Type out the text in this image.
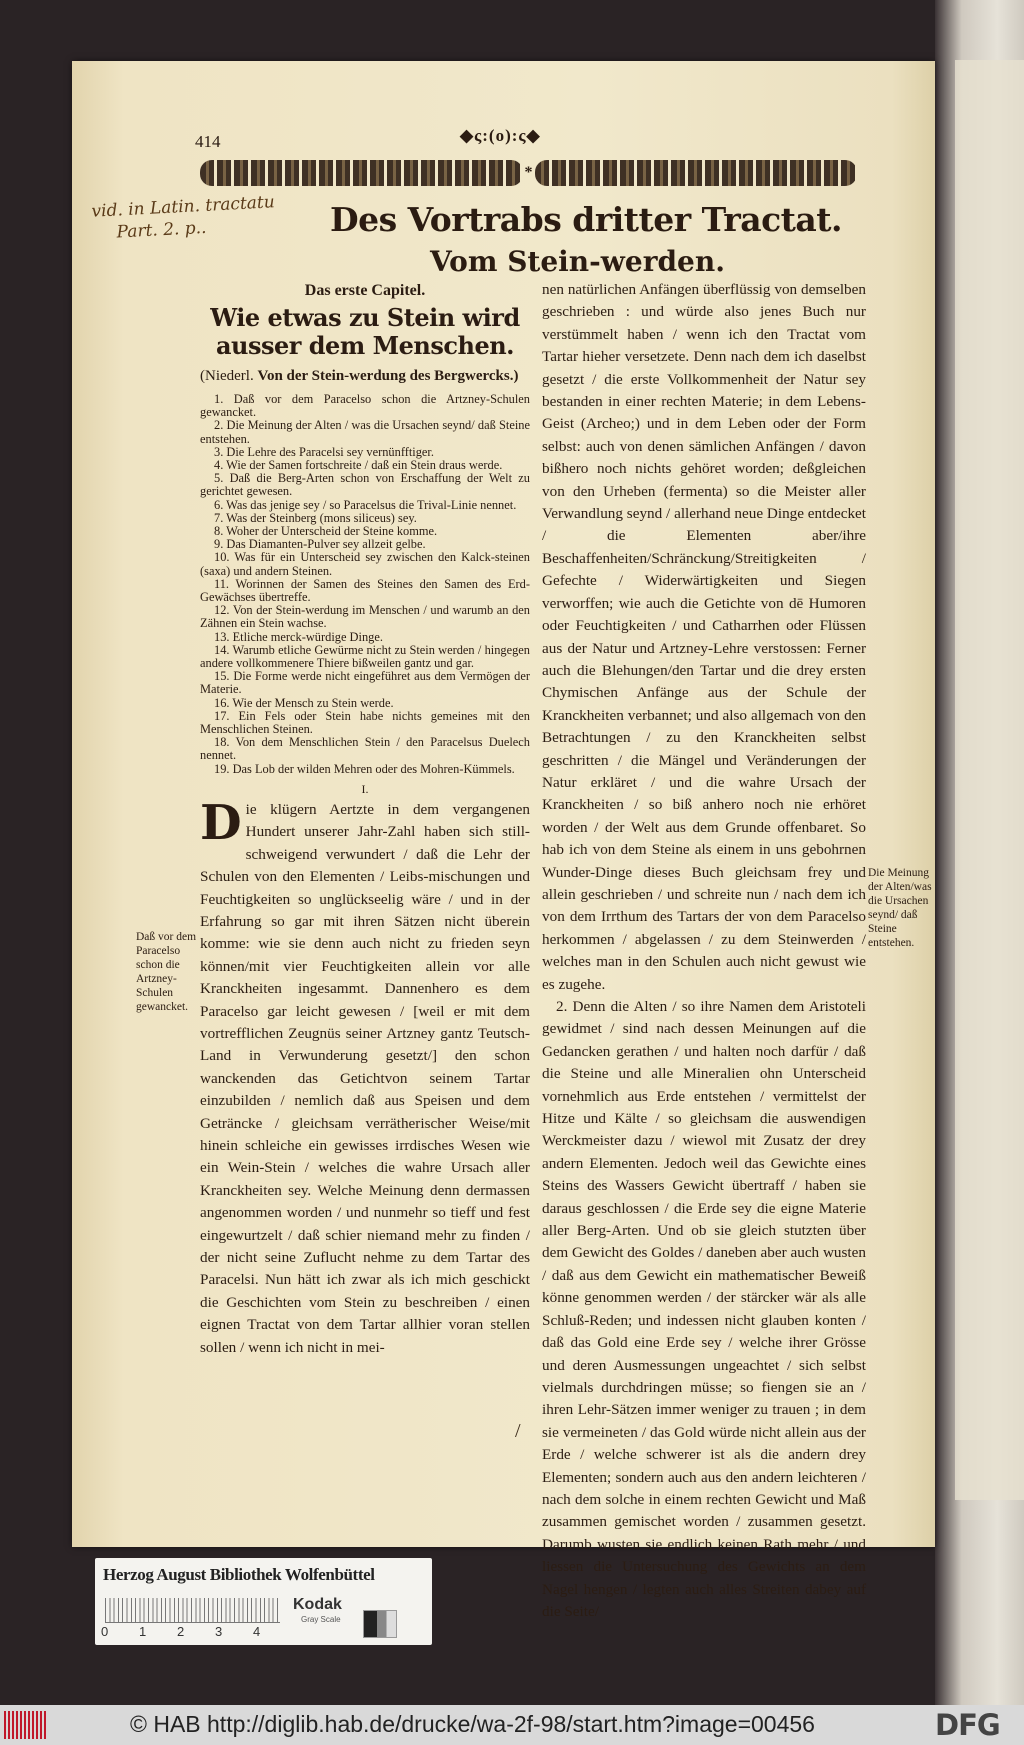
414	◆ς:(o):ς◆
*
vid. in Latin. tractatu
Part. 2. p..	Des Vortrabs dritter Tractat.
Vom Stein-werden.
Das erste Capitel.
Wie etwas zu Stein wird ausser dem Menschen.
(Niederl. Von der Stein-werdung des Bergwercks.)
1. Daß vor dem Paracelso schon die Artzney-Schulen gewancket.
2. Die Meinung der Alten / was die Ursachen seynd/ daß Steine entstehen.
3. Die Lehre des Paracelsi sey vernünfftiger.
4. Wie der Samen fortschreite / daß ein Stein draus werde.
5. Daß die Berg-Arten schon von Erschaffung der Welt zu gerichtet gewesen.
6. Was das jenige sey / so Paracelsus die Trival-Linie nennet.
7. Was der Steinberg (mons siliceus) sey.
8. Woher der Unterscheid der Steine komme.
9. Das Diamanten-Pulver sey allzeit gelbe.
10. Was für ein Unterscheid sey zwischen den Kalck-steinen (saxa) und andern Steinen.
11. Worinnen der Samen des Steines den Samen des Erd-Gewächses übertreffe.
12. Von der Stein-werdung im Menschen / und warumb an den Zähnen ein Stein wachse.
13. Etliche merck-würdige Dinge.
14. Warumb etliche Gewürme nicht zu Stein werden / hingegen andere vollkommenere Thiere bißweilen gantz und gar.
15. Die Forme werde nicht eingeführet aus dem Vermögen der Materie.
16. Wie der Mensch zu Stein werde.
17. Ein Fels oder Stein habe nichts gemeines mit den Menschlichen Steinen.
18. Von dem Menschlichen Stein / den Paracelsus Duelech nennet.
19. Das Lob der wilden Mehren oder des Mohren-Kümmels.
I.
Die klügern Aertzte in dem vergangenen Hundert unserer Jahr-Zahl haben sich still-schweigend verwundert / daß die Lehr der Schulen von den Elementen / Leibs-mischungen und Feuchtigkeiten so unglückseelig wäre / und in der Erfahrung so gar mit ihren Sätzen nicht überein komme: wie sie denn auch nicht zu frieden seyn können/mit vier Feuchtigkeiten allein vor alle Kranckheiten ingesammt. Dannenhero es dem Paracelso gar leicht gewesen / [weil er mit dem vortrefflichen Zeugnüs seiner Artzney gantz Teutsch-Land in Verwunderung gesetzt/] den schon wanckenden das Getichtvon seinem Tartar einzubilden / nemlich daß aus Speisen und dem Geträncke / gleichsam verrätherischer Weise/mit hinein schleiche ein gewisses irrdisches Wesen wie ein Wein-Stein / welches die wahre Ursach aller Kranckheiten sey. Welche Meinung denn dermassen angenommen worden / und nunmehr so tieff und fest eingewurtzelt / daß schier niemand mehr zu finden / der nicht seine Zuflucht nehme zu dem Tartar des Paracelsi. Nun hätt ich zwar als ich mich geschickt die Geschichten vom Stein zu beschreiben / einen eignen Tractat von dem Tartar allhier voran stellen sollen / wenn ich nicht in mei-

nen natürlichen Anfängen überflüssig von demselben geschrieben : und würde also jenes Buch nur verstümmelt haben / wenn ich den Tractat vom Tartar hieher versetzete. Denn nach dem ich daselbst gesetzt / die erste Vollkommenheit der Natur sey bestanden in einer rechten Materie; in dem Lebens-Geist (Archeo;) und in dem Leben oder der Form selbst: auch von denen sämlichen Anfängen / davon bißhero noch nichts gehöret worden; deßgleichen von den Urheben (fermenta) so die Meister aller Verwandlung seynd / allerhand neue Dinge entdecket / die Elementen aber/ihre Beschaffenheiten/Schränckung/Streitigkeiten / Gefechte / Widerwärtigkeiten und Siegen verworffen; wie auch die Getichte von dē Humoren oder Feuchtigkeiten / und Catharrhen oder Flüssen aus der Natur und Artzney-Lehre verstossen: Ferner auch die Blehungen/den Tartar und die drey ersten Chymischen Anfänge aus der Schule der Kranckheiten verbannet; und also allgemach von den Betrachtungen / zu den Kranckheiten selbst geschritten / die Mängel und Veränderungen der Natur erkläret / und die wahre Ursach der Kranckheiten / so biß anhero noch nie erhöret worden / der Welt aus dem Grunde offenbaret. So hab ich von dem Steine als einem in uns gebohrnen Wunder-Dinge dieses Buch gleichsam frey und allein geschrieben / und schreite nun / nach dem ich von dem Irrthum des Tartars der von dem Paracelso herkommen / abgelassen / zu dem Steinwerden / welches man in den Schulen auch nicht gewust wie es zugehe.

2. Denn die Alten / so ihre Namen dem Aristoteli gewidmet / sind nach dessen Meinungen auf die Gedancken gerathen / und halten noch darfür / daß die Steine und alle Mineralien ohn Unterscheid vornehmlich aus Erde entstehen / vermittelst der Hitze und Kälte / so gleichsam die auswendigen Werckmeister dazu / wiewol mit Zusatz der drey andern Elementen. Jedoch weil das Gewichte eines Steins des Wassers Gewicht übertraff / haben sie daraus geschlossen / die Erde sey die eigne Materie aller Berg-Arten. Und ob sie gleich stutzten über dem Gewicht des Goldes / daneben aber auch wusten / daß aus dem Gewicht ein mathematischer Beweiß könne genommen werden / der stärcker wär als alle Schluß-Reden; und indessen nicht glauben konten / daß das Gold eine Erde sey / welche ihrer Grösse und deren Ausmessungen ungeachtet / sich selbst vielmals durchdringen müsse; so fiengen sie an / ihren Lehr-Sätzen immer weniger zu trauen ; in dem sie vermeineten / das Gold würde nicht allein aus der Erde / welche schwerer ist als die andern drey Elementen; sondern auch aus den andern leichteren / nach dem solche in einem rechten Gewicht und Maß zusammen gemischet worden / zusammen gesetzt. Darumb wusten sie endlich keinen Rath mehr / und liessen die Untersuchung des Gewichts an dem Nagel hengen / legten auch alles Streiten dabey auf die Seite/

Daß vor dem Paracelso schon die Artzney-Schulen gewancket.
Die Meinung der Alten/was die Ursachen seynd/ daß Steine entstehen.
/
Herzog August Bibliothek Wolfenbüttel
0	1	2	3	4
Kodak
Gray Scale
© HAB http://diglib.hab.de/drucke/wa-2f-98/start.htm?image=00456	DFG
